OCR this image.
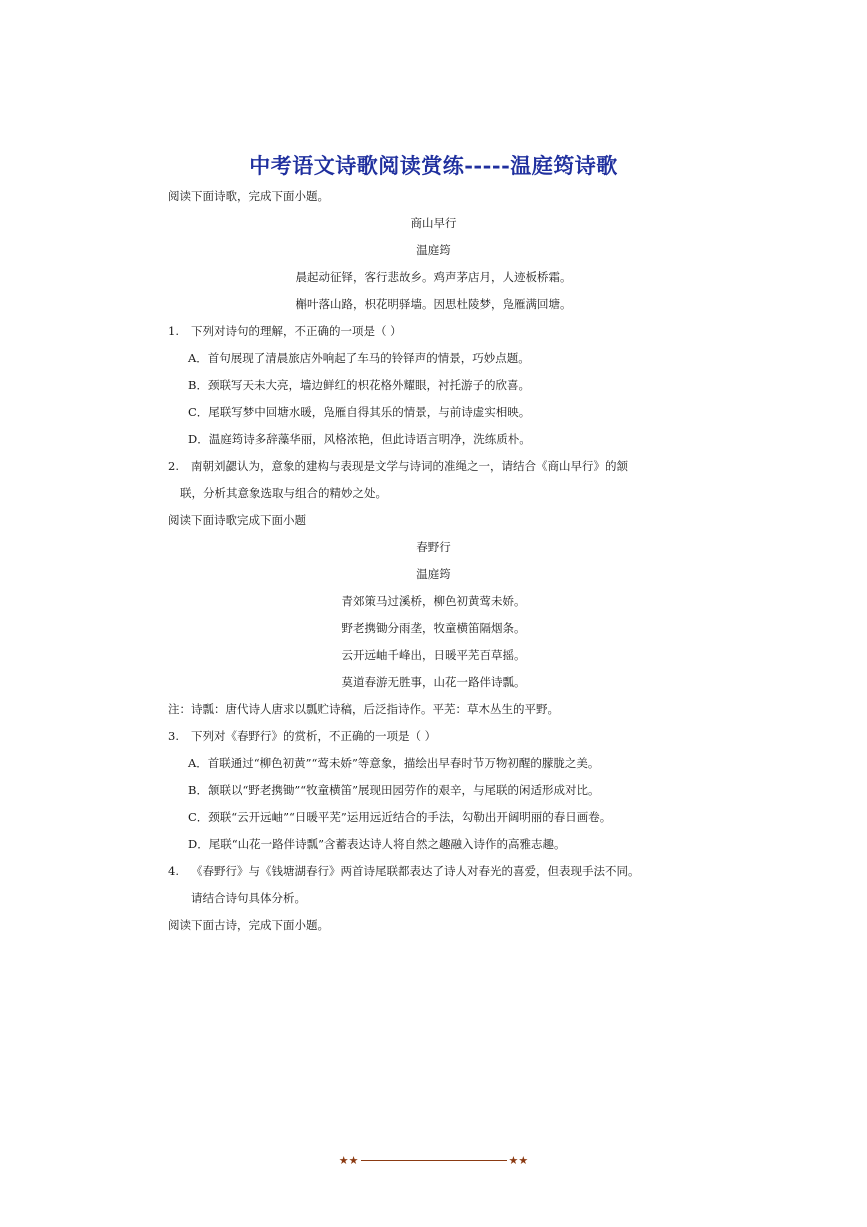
中考语文诗歌阅读赏练-----温庭筠诗歌
阅读下面诗歌，完成下面小题。
商山早行
温庭筠
晨起动征铎，客行悲故乡。鸡声茅店月，人迹板桥霜。
槲叶落山路，枳花明驿墙。因思杜陵梦，凫雁满回塘。
1. 下列对诗句的理解，不正确的一项是（ ）
A．首句展现了清晨旅店外响起了车马的铃铎声的情景，巧妙点题。
B．颈联写天未大亮，墙边鲜红的枳花格外耀眼，衬托游子的欣喜。
C．尾联写梦中回塘水暖，凫雁自得其乐的情景，与前诗虚实相映。
D．温庭筠诗多辞藻华丽，风格浓艳，但此诗语言明净，洗练质朴。
2. 南朝刘勰认为，意象的建构与表现是文学与诗词的准绳之一，请结合《商山早行》的颔
联，分析其意象选取与组合的精妙之处。
阅读下面诗歌完成下面小题
春野行
温庭筠
青郊策马过溪桥，柳色初黄莺未娇。
野老携锄分雨垄，牧童横笛隔烟条。
云开远岫千峰出，日暖平芜百草摇。
莫道春游无胜事，山花一路伴诗瓢。
注：诗瓢：唐代诗人唐求以瓢贮诗稿，后泛指诗作。平芜：草木丛生的平野。
3. 下列对《春野行》的赏析，不正确的一项是（ ）
A．首联通过“柳色初黄”“莺未娇”等意象，描绘出早春时节万物初醒的朦胧之美。
B．颔联以“野老携锄”“牧童横笛”展现田园劳作的艰辛，与尾联的闲适形成对比。
C．颈联“云开远岫”“日暖平芜”运用远近结合的手法，勾勒出开阔明丽的春日画卷。
D．尾联“山花一路伴诗瓢”含蓄表达诗人将自然之趣融入诗作的高雅志趣。
4. 《春野行》与《钱塘湖春行》两首诗尾联都表达了诗人对春光的喜爱，但表现手法不同。
请结合诗句具体分析。
阅读下面古诗，完成下面小题。
★★	★★
